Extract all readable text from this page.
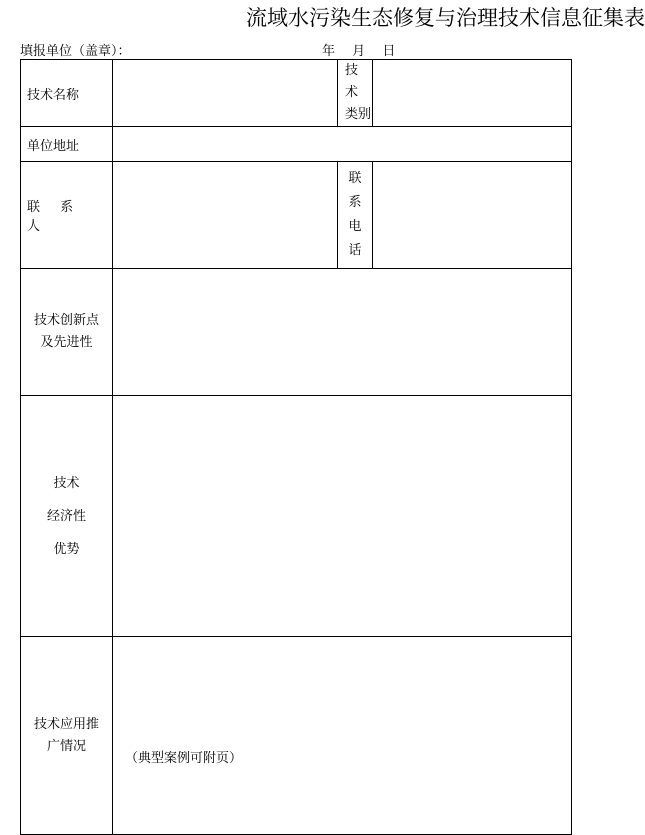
流域水污染生态修复与治理技术信息征集表
填报单位（盖章）：	年 月 日
技术名称		技　术
类别	

单位地址			
联 系 人		联
系
电
话	

技术创新点
及先进性			

技术
经济性
优势			

技术应用推
广情况	（典型案例可附页）		
